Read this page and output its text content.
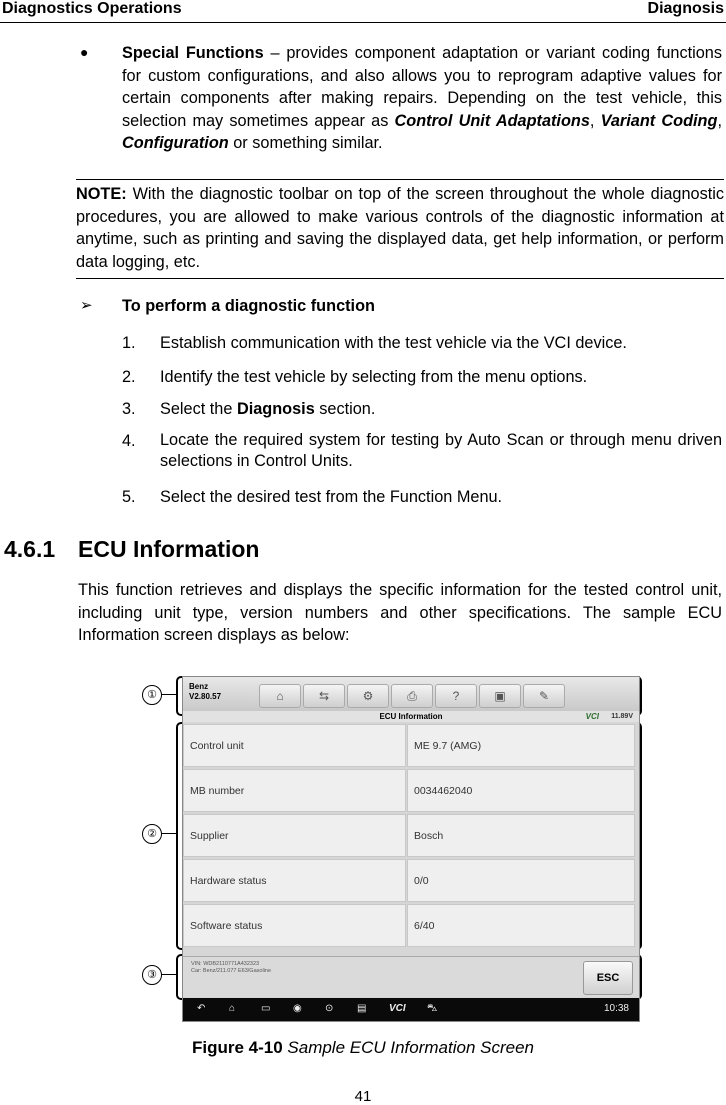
Diagnostics Operations	Diagnosis
● Special Functions – provides component adaptation or variant coding functions for custom configurations, and also allows you to reprogram adaptive values for certain components after making repairs. Depending on the test vehicle, this selection may sometimes appear as Control Unit Adaptations, Variant Coding, Configuration or something similar.
NOTE: With the diagnostic toolbar on top of the screen throughout the whole diagnostic procedures, you are allowed to make various controls of the diagnostic information at anytime, such as printing and saving the displayed data, get help information, or perform data logging, etc.
➢ To perform a diagnostic function
1. Establish communication with the test vehicle via the VCI device.
2. Identify the test vehicle by selecting from the menu options.
3. Select the Diagnosis section.
4. Locate the required system for testing by Auto Scan or through menu driven selections in Control Units.
5. Select the desired test from the Function Menu.
4.6.1 ECU Information
This function retrieves and displays the specific information for the tested control unit, including unit type, version numbers and other specifications. The sample ECU Information screen displays as below:
①
②
③
Benz
V2.80.57	⌂	⇆	⚙	⎙	?	▣	✎
ECU Information	VCI 11.89V
Control unit	ME 9.7 (AMG)
MB number	0034462040
Supplier	Bosch
Hardware status	0/0
Software status	6/40
VIN: WDB2110771A432323
Car: Benz/211.077 E63/Gasoline
ESC
↶ ⌂	▭ ◉ ⊙ ▤ VCI ⛍	10:38
Figure 4-10 Sample ECU Information Screen
41
